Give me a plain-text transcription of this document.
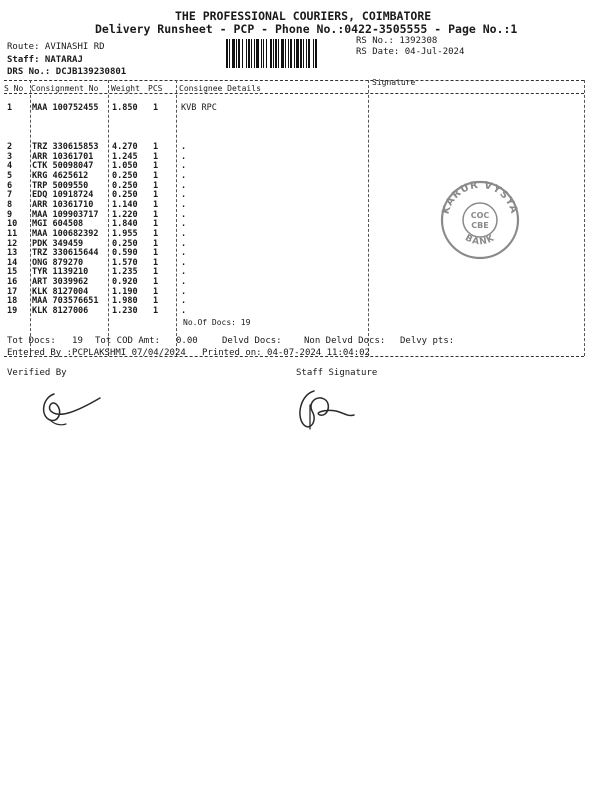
THE PROFESSIONAL COURIERS, COIMBATORE
Delivery Runsheet - PCP - Phone No.:0422-3505555 - Page No.:1
Route: AVINASHI RD
Staff: NATARAJ
DRS No.: DCJB139230801
RS No.: 1392308
RS Date: 04-Jul-2024
S No Consignment No Weight PCS Consignee Details
Signature
1 MAA 100752455 1.850 1	KVB RPC
2 TRZ 330615853 4.270 1	.
3 ARR 10361701 1.245 1	.
4 CTK 50098047 1.050 1	.
5 KRG 4625612	0.250 1	.
6 TRP 5009550	0.250 1	.
7 EDQ 10918724 0.250 1	.
8 ARR 10361710 1.140 1	.
9 MAA 109903717 1.220 1	.
10 MGI 604508	1.840 1	.
11 MAA 100682392 1.955 1	.
12 PDK 349459	0.250 1	.
13 TRZ 330615644 0.590 1	.
14 ONG 879270	1.570 1	.
15 TYR 1139210	1.235 1	.
16 ART 3039962	0.920 1	.
17 KLK 8127004	1.190 1	.
18 MAA 703576651 1.980 1	.
19 KLK 8127006	1.230 1	.
No.Of Docs: 19
Tot Docs:   19 Tot COD Amt: 0.00	Delvd Docs: Non Delvd Docs: Delvy pts:
Entered By :PCPLAKSHMI 07/04/2024 Printed on: 04-07-2024 11:04:02
Verified By	Staff Signature
KARUR VYSYA
BANK
COC
CBE
